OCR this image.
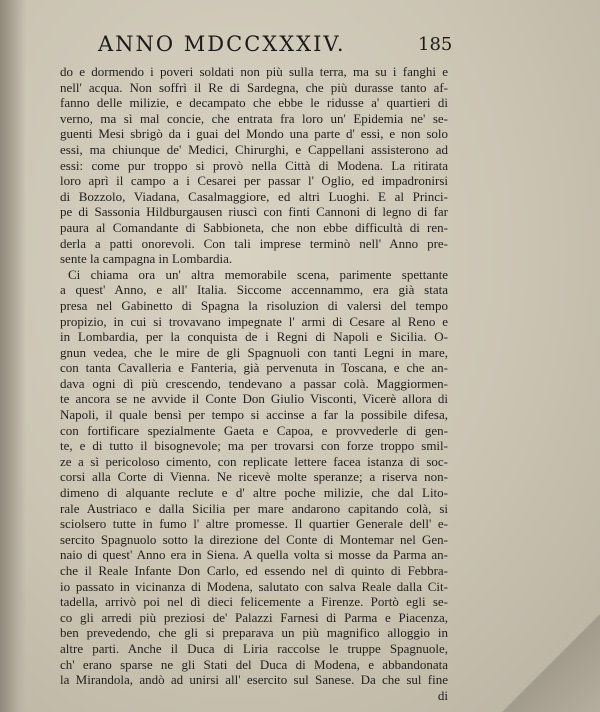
ANNO MDCCXXXIV.	185
do e dormendo i poveri soldati non più sulla terra, ma su i fanghi e
nell' acqua. Non soffrì il Re di Sardegna, che più durasse tanto af-
fanno delle milizie, e decampato che ebbe le ridusse a' quartieri di
verno, ma sì mal concie, che entrata fra loro un' Epidemia ne' se-
guenti Mesi sbrigò da i guai del Mondo una parte d' essi, e non solo
essi, ma chiunque de' Medici, Chirurghi, e Cappellani assisterono ad
essi: come pur troppo si provò nella Città di Modena. La ritirata
loro aprì il campo a i Cesarei per passar l' Oglio, ed impadronirsi
di Bozzolo, Viadana, Casalmaggiore, ed altri Luoghi. E al Princi-
pe di Sassonia Hildburgausen riuscì con finti Cannoni di legno di far
paura al Comandante di Sabbioneta, che non ebbe difficultà di ren-
derla a patti onorevoli. Con tali imprese terminò nell' Anno pre-
sente la campagna in Lombardia.
Ci chiama ora un' altra memorabile scena, parimente spettante
a quest' Anno, e all' Italia. Siccome accennammo, era già stata
presa nel Gabinetto di Spagna la risoluzion di valersi del tempo
propizio, in cui si trovavano impegnate l' armi di Cesare al Reno e
in Lombardia, per la conquista de i Regni di Napoli e Sicilia. O-
gnun vedea, che le mire de gli Spagnuoli con tanti Legni in mare,
con tanta Cavalleria e Fanteria, già pervenuta in Toscana, e che an-
dava ogni dì più crescendo, tendevano a passar colà. Maggiormen-
te ancora se ne avvide il Conte Don Giulio Visconti, Vicerè allora di
Napoli, il quale bensì per tempo si accinse a far la possibile difesa,
con fortificare spezialmente Gaeta e Capoa, e provvederle di gen-
te, e di tutto il bisognevole; ma per trovarsi con forze troppo smil-
ze a sì pericoloso cimento, con replicate lettere facea istanza di soc-
corsi alla Corte di Vienna. Ne ricevè molte speranze; a riserva non-
dimeno di alquante reclute e d' altre poche milizie, che dal Lito-
rale Austriaco e dalla Sicilia per mare andarono capitando colà, si
sciolsero tutte in fumo l' altre promesse. Il quartier Generale dell' e-
sercito Spagnuolo sotto la direzione del Conte di Montemar nel Gen-
naio di quest' Anno era in Siena. A quella volta si mosse da Parma an-
che il Reale Infante Don Carlo, ed essendo nel dì quinto di Febbra-
io passato in vicinanza di Modena, salutato con salva Reale dalla Cit-
tadella, arrivò poi nel dì dieci felicemente a Firenze. Portò egli se-
co gli arredi più preziosi de' Palazzi Farnesi di Parma e Piacenza,
ben prevedendo, che gli si preparava un più magnifico alloggio in
altre parti. Anche il Duca di Liria raccolse le truppe Spagnuole,
ch' erano sparse ne gli Stati del Duca di Modena, e abbandonata
la Mirandola, andò ad unirsi all' esercito sul Sanese. Da che sul fine
di
